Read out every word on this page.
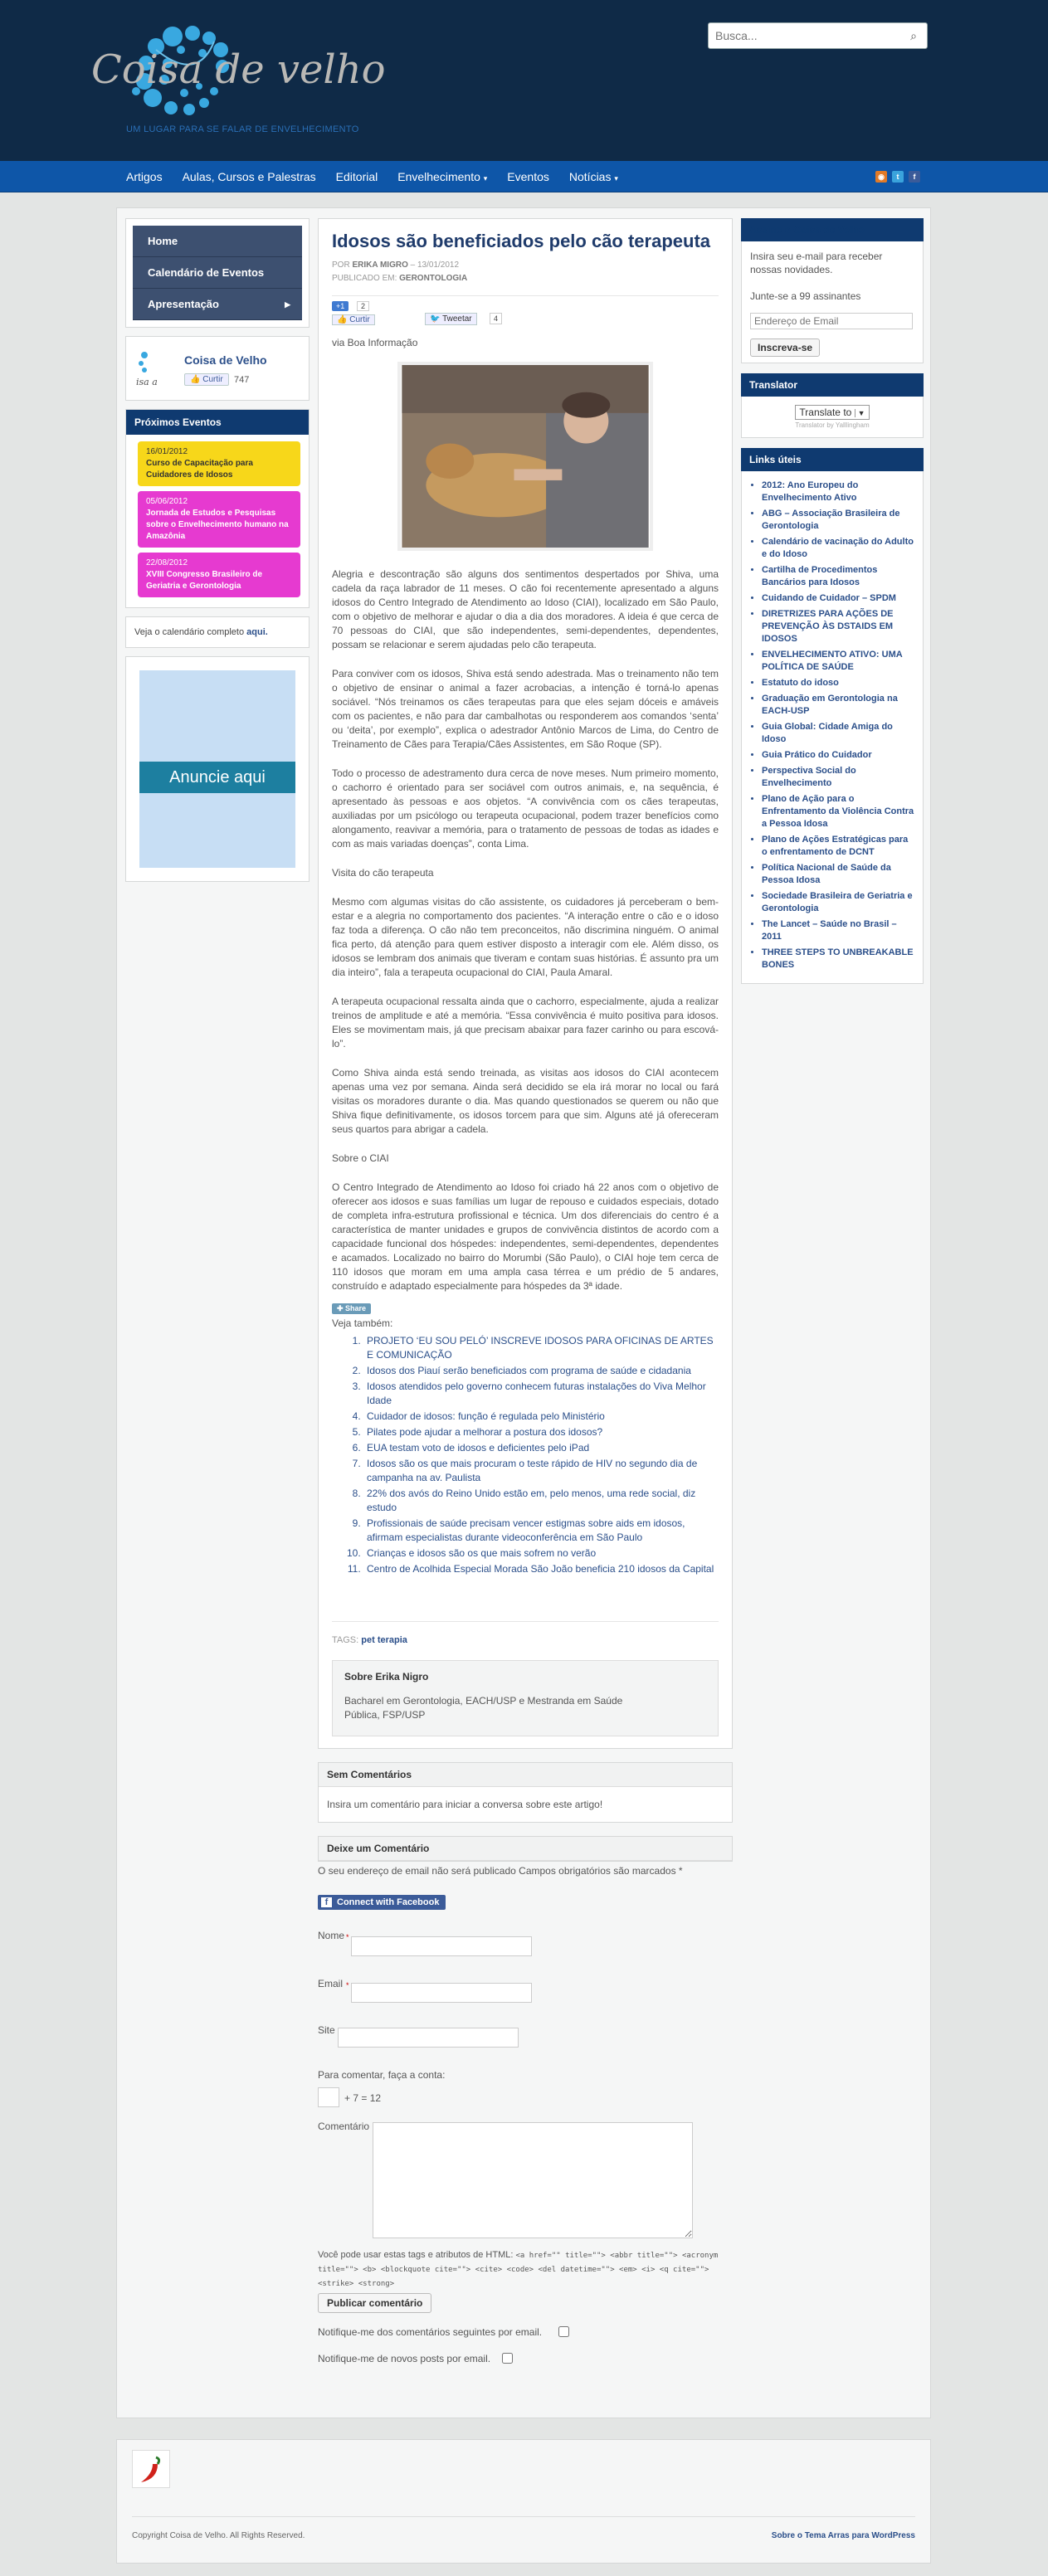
Coisa de velho
UM LUGAR PARA SE FALAR DE ENVELHECIMENTO
Busca...
⌕
Artigos	Aulas, Cursos e Palestras	Editorial	Envelhecimento ▾	Eventos	Notícias ▾	◉	t	f
Home
Calendário de Eventos
Apresentação	▶
isa a
Coisa de Velho
👍 Curtir	747
Próximos Eventos
16/01/2012
Curso de Capacitação para Cuidadores de Idosos
05/06/2012
Jornada de Estudos e Pesquisas sobre o Envelhecimento humano na Amazônia
22/08/2012
XVIII Congresso Brasileiro de Geriatria e Gerontologia
Veja o calendário completo aqui.
Anuncie aqui
Idosos são beneficiados pelo cão terapeuta
POR ERIKA MIGRO – 13/01/2012
PUBLICADO EM: GERONTOLOGIA
+1	2
👍 Curtir	🐦 Tweetar	4

via Boa Informação

Alegria e descontração são alguns dos sentimentos despertados por Shiva, uma cadela da raça labrador de 11 meses. O cão foi recentemente apresentado a alguns idosos do Centro Integrado de Atendimento ao Idoso (CIAI), localizado em São Paulo, com o objetivo de melhorar e ajudar o dia a dia dos moradores. A ideia é que cerca de 70 pessoas do CIAI, que são independentes, semi-dependentes, dependentes, possam se relacionar e serem ajudadas pelo cão terapeuta.

Para conviver com os idosos, Shiva está sendo adestrada. Mas o treinamento não tem o objetivo de ensinar o animal a fazer acrobacias, a intenção é torná-lo apenas sociável. “Nós treinamos os cães terapeutas para que eles sejam dóceis e amáveis com os pacientes, e não para dar cambalhotas ou responderem aos comandos ‘senta’ ou ‘deita’, por exemplo”, explica o adestrador Antônio Marcos de Lima, do Centro de Treinamento de Cães para Terapia/Cães Assistentes, em São Roque (SP).

Todo o processo de adestramento dura cerca de nove meses. Num primeiro momento, o cachorro é orientado para ser sociável com outros animais, e, na sequência, é apresentado às pessoas e aos objetos. “A convivência com os cães terapeutas, auxiliadas por um psicólogo ou terapeuta ocupacional, podem trazer benefícios como alongamento, reavivar a memória, para o tratamento de pessoas de todas as idades e com as mais variadas doenças”, conta Lima.

Visita do cão terapeuta

Mesmo com algumas visitas do cão assistente, os cuidadores já perceberam o bem-estar e a alegria no comportamento dos pacientes. “A interação entre o cão e o idoso faz toda a diferença. O cão não tem preconceitos, não discrimina ninguém. O animal fica perto, dá atenção para quem estiver disposto a interagir com ele. Além disso, os idosos se lembram dos animais que tiveram e contam suas histórias. É assunto pra um dia inteiro”, fala a terapeuta ocupacional do CIAI, Paula Amaral.

A terapeuta ocupacional ressalta ainda que o cachorro, especialmente, ajuda a realizar treinos de amplitude e até a memória. “Essa convivência é muito positiva para idosos. Eles se movimentam mais, já que precisam abaixar para fazer carinho ou para escová-lo”.

Como Shiva ainda está sendo treinada, as visitas aos idosos do CIAI acontecem apenas uma vez por semana. Ainda será decidido se ela irá morar no local ou fará visitas os moradores durante o dia. Mas quando questionados se querem ou não que Shiva fique definitivamente, os idosos torcem para que sim. Alguns até já ofereceram seus quartos para abrigar a cadela.

Sobre o CIAI

O Centro Integrado de Atendimento ao Idoso foi criado há 22 anos com o objetivo de oferecer aos idosos e suas famílias um lugar de repouso e cuidados especiais, dotado de completa infra-estrutura profissional e técnica. Um dos diferenciais do centro é a característica de manter unidades e grupos de convivência distintos de acordo com a capacidade funcional dos hóspedes: independentes, semi-dependentes, dependentes e acamados. Localizado no bairro do Morumbi (São Paulo), o CIAI hoje tem cerca de 110 idosos que moram em uma ampla casa térrea e um prédio de 5 andares, construído e adaptado especialmente para hóspedes da 3ª idade.

✚ Share
Veja também:
1. PROJETO ‘EU SOU PELÓ’ INSCREVE IDOSOS PARA OFICINAS DE ARTES E COMUNICAÇÃO
2. Idosos dos Piauí serão beneficiados com programa de saúde e cidadania
3. Idosos atendidos pelo governo conhecem futuras instalações do Viva Melhor Idade
4. Cuidador de idosos: função é regulada pelo Ministério
5. Pilates pode ajudar a melhorar a postura dos idosos?
6. EUA testam voto de idosos e deficientes pelo iPad
7. Idosos são os que mais procuram o teste rápido de HIV no segundo dia de campanha na av. Paulista
8. 22% dos avós do Reino Unido estão em, pelo menos, uma rede social, diz estudo
9. Profissionais de saúde precisam vencer estigmas sobre aids em idosos, afirmam especialistas durante videoconferência em São Paulo
10. Crianças e idosos são os que mais sofrem no verão
11. Centro de Acolhida Especial Morada São João beneficia 210 idosos da Capital
TAGS: pet terapia
Sobre Erika Nigro
Bacharel em Gerontologia, EACH/USP e Mestranda em Saúde Pública, FSP/USP
Sem Comentários
Insira um comentário para iniciar a conversa sobre este artigo!
Deixe um Comentário
O seu endereço de email não será publicado Campos obrigatórios são marcados *
f Connect with Facebook
Nome *
Email *
Site
Para comentar, faça a conta:
+ 7 = 12
Comentário
Você pode usar estas tags e atributos de HTML: <a href="" title=""> <abbr title=""> <acronym title=""> <b> <blockquote cite=""> <cite> <code> <del datetime=""> <em> <i> <q cite=""> <strike> <strong>
Publicar comentário
Notifique-me dos comentários seguintes por email.
Notifique-me de novos posts por email.
Assine o Coisa de Velho
Insira seu e-mail para receber nossas novidades.
Junte-se a 99 assinantes
Endereço de Email
Inscreva-se
Translator
Translate to ▼
Translator by Yalllingham
Links úteis
• 2012: Ano Europeu do Envelhecimento Ativo
• ABG – Associação Brasileira de Gerontologia
• Calendário de vacinação do Adulto e do Idoso
• Cartilha de Procedimentos Bancários para Idosos
• Cuidando de Cuidador – SPDM
• DIRETRIZES PARA AÇÕES DE PREVENÇÃO ÀS DSTAIDS EM IDOSOS
• ENVELHECIMENTO ATIVO: UMA POLÍTICA DE SAÚDE
• Estatuto do idoso
• Graduação em Gerontologia na EACH-USP
• Guia Global: Cidade Amiga do Idoso
• Guia Prático do Cuidador
• Perspectiva Social do Envelhecimento
• Plano de Ação para o Enfrentamento da Violência Contra a Pessoa Idosa
• Plano de Ações Estratégicas para o enfrentamento de DCNT
• Política Nacional de Saúde da Pessoa Idosa
• Sociedade Brasileira de Geriatria e Gerontologia
• The Lancet – Saúde no Brasil – 2011
• THREE STEPS TO UNBREAKABLE BONES
Copyright Coisa de Velho. All Rights Reserved.	Sobre o Tema Arras para WordPress
